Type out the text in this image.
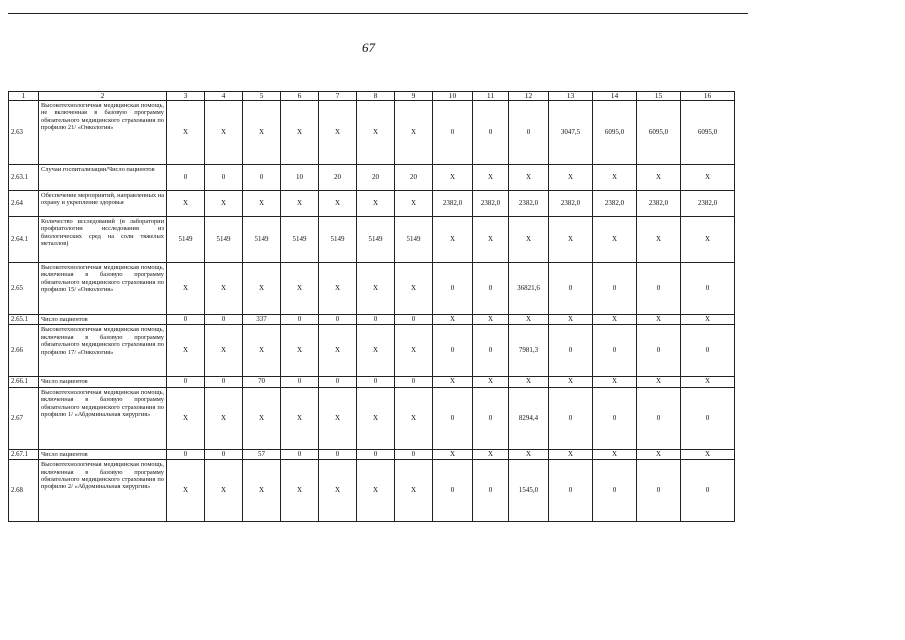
67
1	2	3	4	5	6	7	8	9	10	11	12	13	14	15	16
2.63	Высокотехнологичная медицинская помощь, не включенная в базовую программу обязательного медицинского страхования по профилю 21/ «Онкология»	X	X	X	X	X	X	X	0	0	0	3047,5	6095,0	6095,0	6095,0
2.63.1	Случаи госпитализации/Число пациентов	0	0	0	10	20	20	20	X	X	X	X	X	X	X
2.64	Обеспечение мероприятий, направленных на охрану и укрепление здоровья	X	X	X	X	X	X	X	2382,0	2382,0	2382,0	2382,0	2382,0	2382,0	2382,0
2.64.1	Количество исследований (в лаборатории профпатологии исследования из биологических сред на соли тяжелых металлов)	5149	5149	5149	5149	5149	5149	5149	X	X	X	X	X	X	X
2.65	Высокотехнологичная медицинская помощь, включенная в базовую программу обязательного медицинского страхования по профилю 15/ «Онкология»	X	X	X	X	X	X	X	0	0	36821,6	0	0	0	0
2.65.1	Число пациентов	0	0	337	0	0	0	0	X	X	X	X	X	X	X
2.66	Высокотехнологичная медицинская помощь, включенная в базовую программу обязательного медицинского страхования по профилю 17/ «Онкология»	X	X	X	X	X	X	X	0	0	7981,3	0	0	0	0
2.66.1	Число пациентов	0	0	70	0	0	0	0	X	X	X	X	X	X	X
2.67	Высокотехнологичная медицинская помощь, включенная в базовую программу обязательного медицинского страхования по профилю 1/ «Абдоминальная хирургия»	X	X	X	X	X	X	X	0	0	8294,4	0	0	0	0
2.67.1	Число пациентов	0	0	57	0	0	0	0	X	X	X	X	X	X	X
2.68	Высокотехнологичная медицинская помощь, включенная в базовую программу обязательного медицинского страхования по профилю 2/ «Абдоминальная хирургия»	X	X	X	X	X	X	X	0	0	1545,0	0	0	0	0
